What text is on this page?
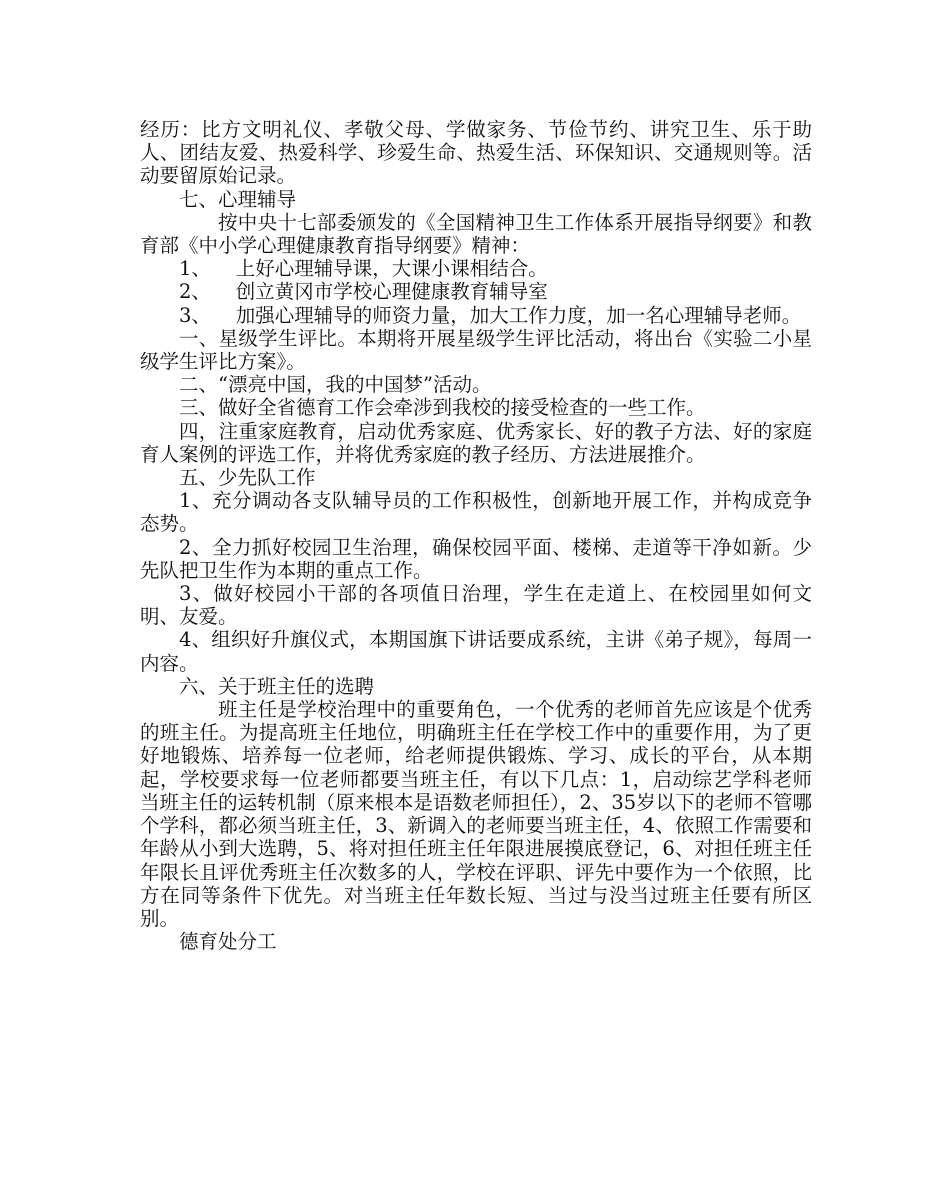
经历：比方文明礼仪、孝敬父母、学做家务、节俭节约、讲究卫生、乐于助人、团结友爱、热爱科学、珍爱生命、热爱生活、环保知识、交通规则等。活动要留原始记录。

七、心理辅导

按中央十七部委颁发的《全国精神卫生工作体系开展指导纲要》和教育部《中小学心理健康教育指导纲要》精神：

1、    上好心理辅导课，大课小课相结合。

2、    创立黄冈市学校心理健康教育辅导室

3、    加强心理辅导的师资力量，加大工作力度，加一名心理辅导老师。

一、星级学生评比。本期将开展星级学生评比活动，将出台《实验二小星级学生评比方案》。

二、“漂亮中国，我的中国梦”活动。

三、做好全省德育工作会牵涉到我校的接受检查的一些工作。

四，注重家庭教育，启动优秀家庭、优秀家长、好的教子方法、好的家庭育人案例的评选工作，并将优秀家庭的教子经历、方法进展推介。

五、少先队工作

1、充分调动各支队辅导员的工作积极性，创新地开展工作，并构成竞争态势。

2、全力抓好校园卫生治理，确保校园平面、楼梯、走道等干净如新。少先队把卫生作为本期的重点工作。

3、做好校园小干部的各项值日治理，学生在走道上、在校园里如何文明、友爱。

4、组织好升旗仪式，本期国旗下讲话要成系统，主讲《弟子规》，每周一内容。

六、关于班主任的选聘

班主任是学校治理中的重要角色，一个优秀的老师首先应该是个优秀的班主任。为提高班主任地位，明确班主任在学校工作中的重要作用，为了更好地锻炼、培养每一位老师，给老师提供锻炼、学习、成长的平台，从本期起，学校要求每一位老师都要当班主任，有以下几点：1，启动综艺学科老师当班主任的运转机制（原来根本是语数老师担任），2、35岁以下的老师不管哪个学科，都必须当班主任，3、新调入的老师要当班主任，4、依照工作需要和年龄从小到大选聘，5、将对担任班主任年限进展摸底登记，6、对担任班主任年限长且评优秀班主任次数多的人，学校在评职、评先中要作为一个依照，比方在同等条件下优先。对当班主任年数长短、当过与没当过班主任要有所区别。

德育处分工
